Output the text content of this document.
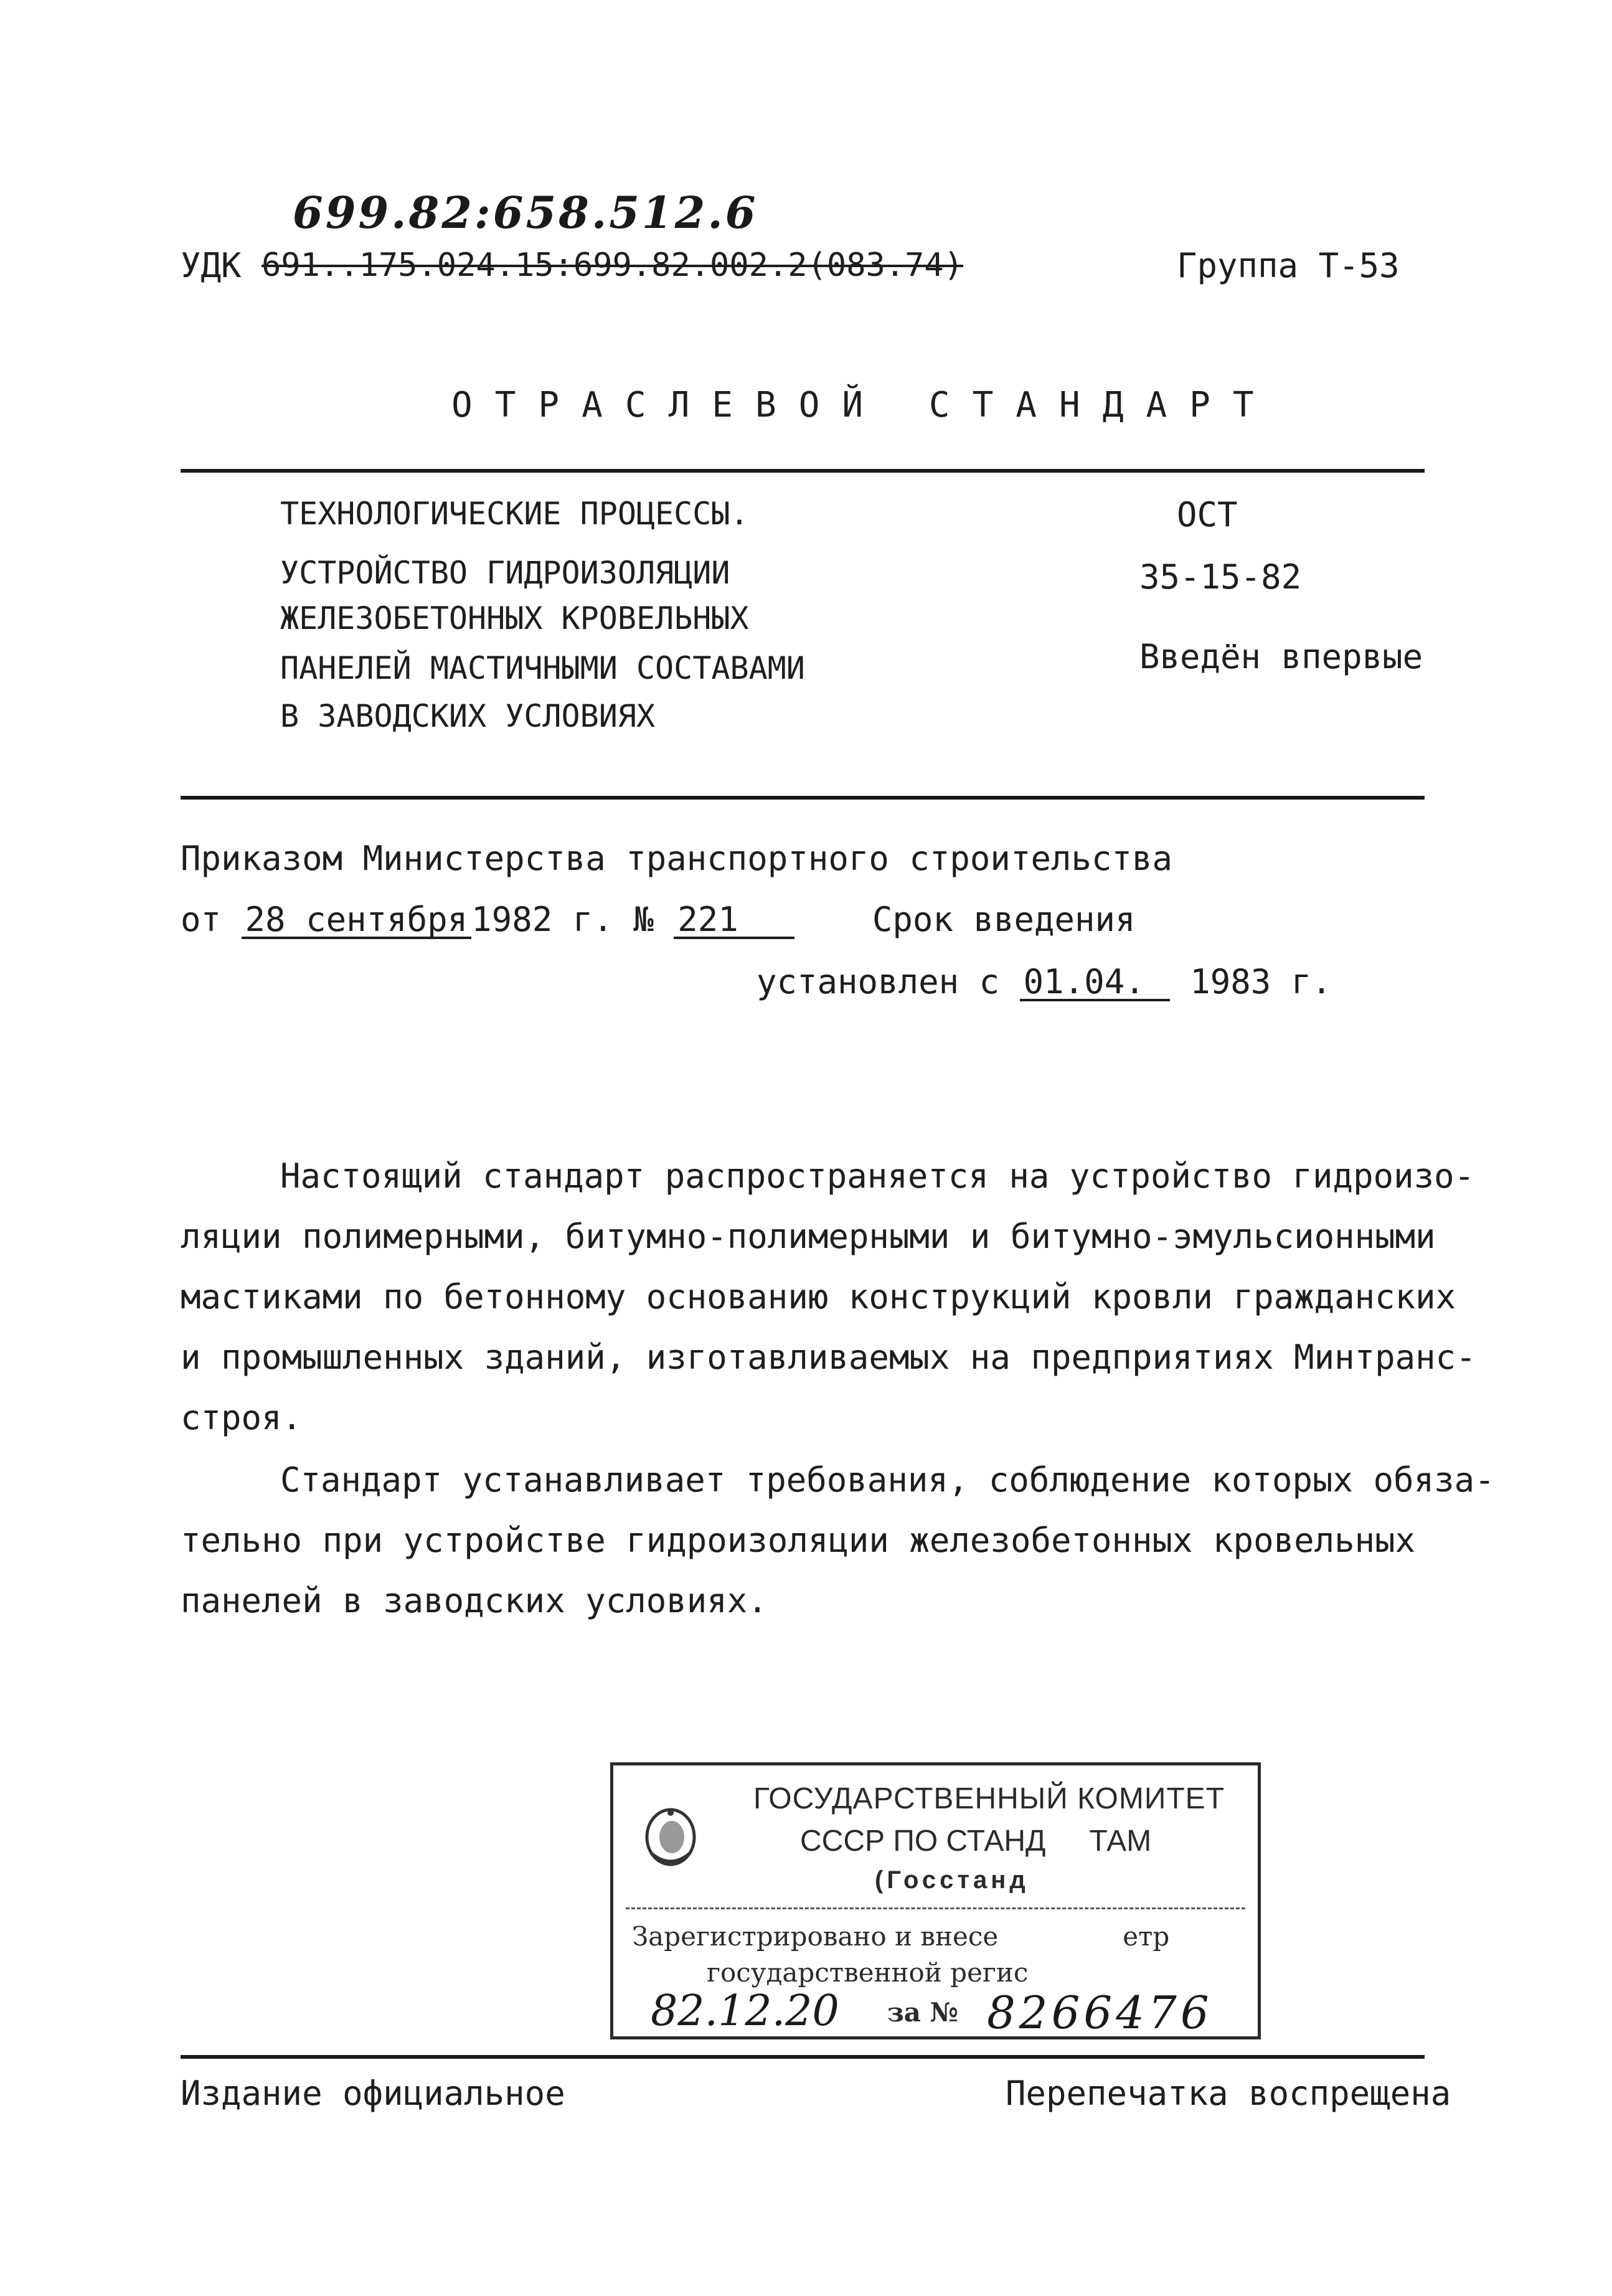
699.82:658.512.6
УДК 691..175.024.15:699.82.002.2(083.74)	Группа Т-53
ОТРАСЛЕВОЙ СТАНДАРТ
ТЕХНОЛОГИЧЕСКИЕ ПРОЦЕССЫ.
УСТРОЙСТВО ГИДРОИЗОЛЯЦИИ
ЖЕЛЕЗОБЕТОННЫХ КРОВЕЛЬНЫХ
ПАНЕЛЕЙ МАСТИЧНЫМИ СОСТАВАМИ
В ЗАВОДСКИХ УСЛОВИЯХ
ОСТ
35-15-82
Введён впервые
Приказом Министерства транспортного строительства
от 28 сентября 1982 г. № 221	Срок введения
установлен с 01.04. 1983 г.
Настоящий стандарт распространяется на устройство гидроизо-
ляции полимерными, битумно-полимерными и битумно-эмульсионными
мастиками по бетонному основанию конструкций кровли гражданских
и промышленных зданий, изготавливаемых на предприятиях Минтранс-
строя.
Стандарт устанавливает требования, соблюдение которых обяза-
тельно при устройстве гидроизоляции железобетонных кровельных
панелей в заводских условиях.
ГОСУДАРСТВЕННЫЙ КОМИТЕТ
СССР ПО СТАНД ТАМ
(Госстанд
Зарегистрировано и внесе	етр
государственной регис
82.12.20 за № 8266476
Издание официальное	Перепечатка воспрещена
